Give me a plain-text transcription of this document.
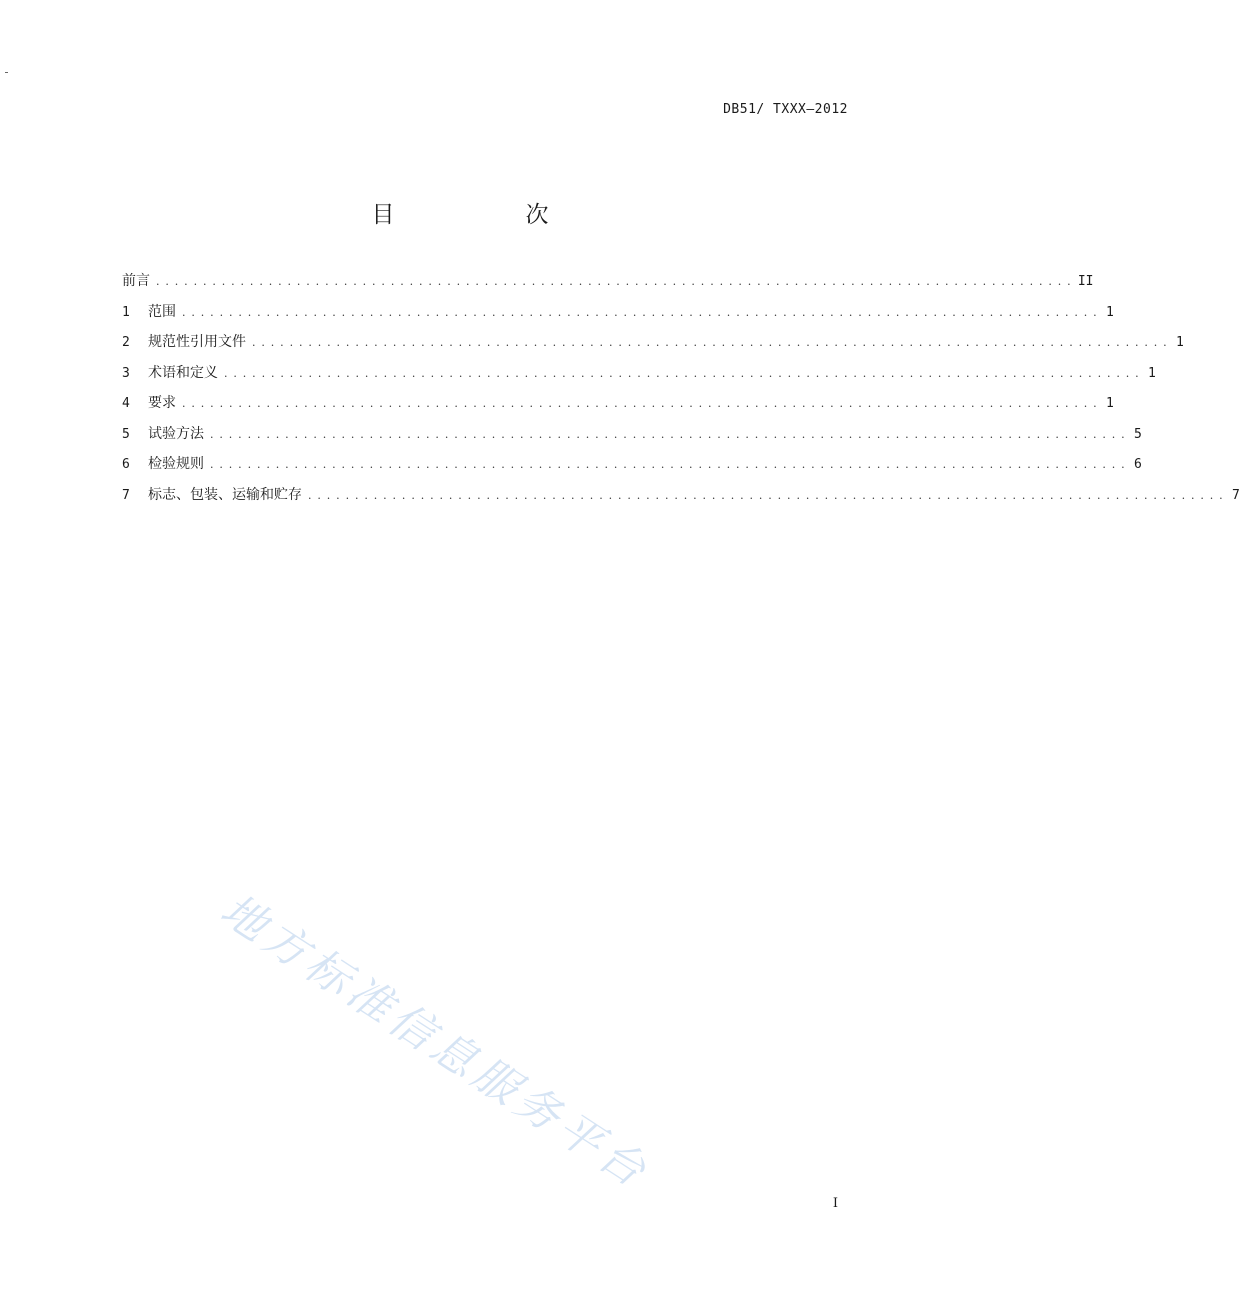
DB51/ TXXX—2012
目　次
前言 . . . . . . . . . . . . . . . . . . . . . . . . . . . . . . . . . . . . . . . . . . . . . . . . . . . . . . . . . . . . . . . . . . . . . . . . . . . . . . . . . . . . . . . . . . . . . . . . . . II
1	范围 . . . . . . . . . . . . . . . . . . . . . . . . . . . . . . . . . . . . . . . . . . . . . . . . . . . . . . . . . . . . . . . . . . . . . . . . . . . . . . . . . . . . . . . . . . . . . . . . . . 1
2	规范性引用文件 . . . . . . . . . . . . . . . . . . . . . . . . . . . . . . . . . . . . . . . . . . . . . . . . . . . . . . . . . . . . . . . . . . . . . . . . . . . . . . . . . . . . . . . . . . . . . . . . . . 1
3	术语和定义 . . . . . . . . . . . . . . . . . . . . . . . . . . . . . . . . . . . . . . . . . . . . . . . . . . . . . . . . . . . . . . . . . . . . . . . . . . . . . . . . . . . . . . . . . . . . . . . . . . 1
4	要求 . . . . . . . . . . . . . . . . . . . . . . . . . . . . . . . . . . . . . . . . . . . . . . . . . . . . . . . . . . . . . . . . . . . . . . . . . . . . . . . . . . . . . . . . . . . . . . . . . . 1
5	试验方法 . . . . . . . . . . . . . . . . . . . . . . . . . . . . . . . . . . . . . . . . . . . . . . . . . . . . . . . . . . . . . . . . . . . . . . . . . . . . . . . . . . . . . . . . . . . . . . . . . . 5
6	检验规则 . . . . . . . . . . . . . . . . . . . . . . . . . . . . . . . . . . . . . . . . . . . . . . . . . . . . . . . . . . . . . . . . . . . . . . . . . . . . . . . . . . . . . . . . . . . . . . . . . . 6
7	标志、包装、运输和贮存 . . . . . . . . . . . . . . . . . . . . . . . . . . . . . . . . . . . . . . . . . . . . . . . . . . . . . . . . . . . . . . . . . . . . . . . . . . . . . . . . . . . . . . . . . . . . . . . . . . 7
地方标准信息服务平台
I
